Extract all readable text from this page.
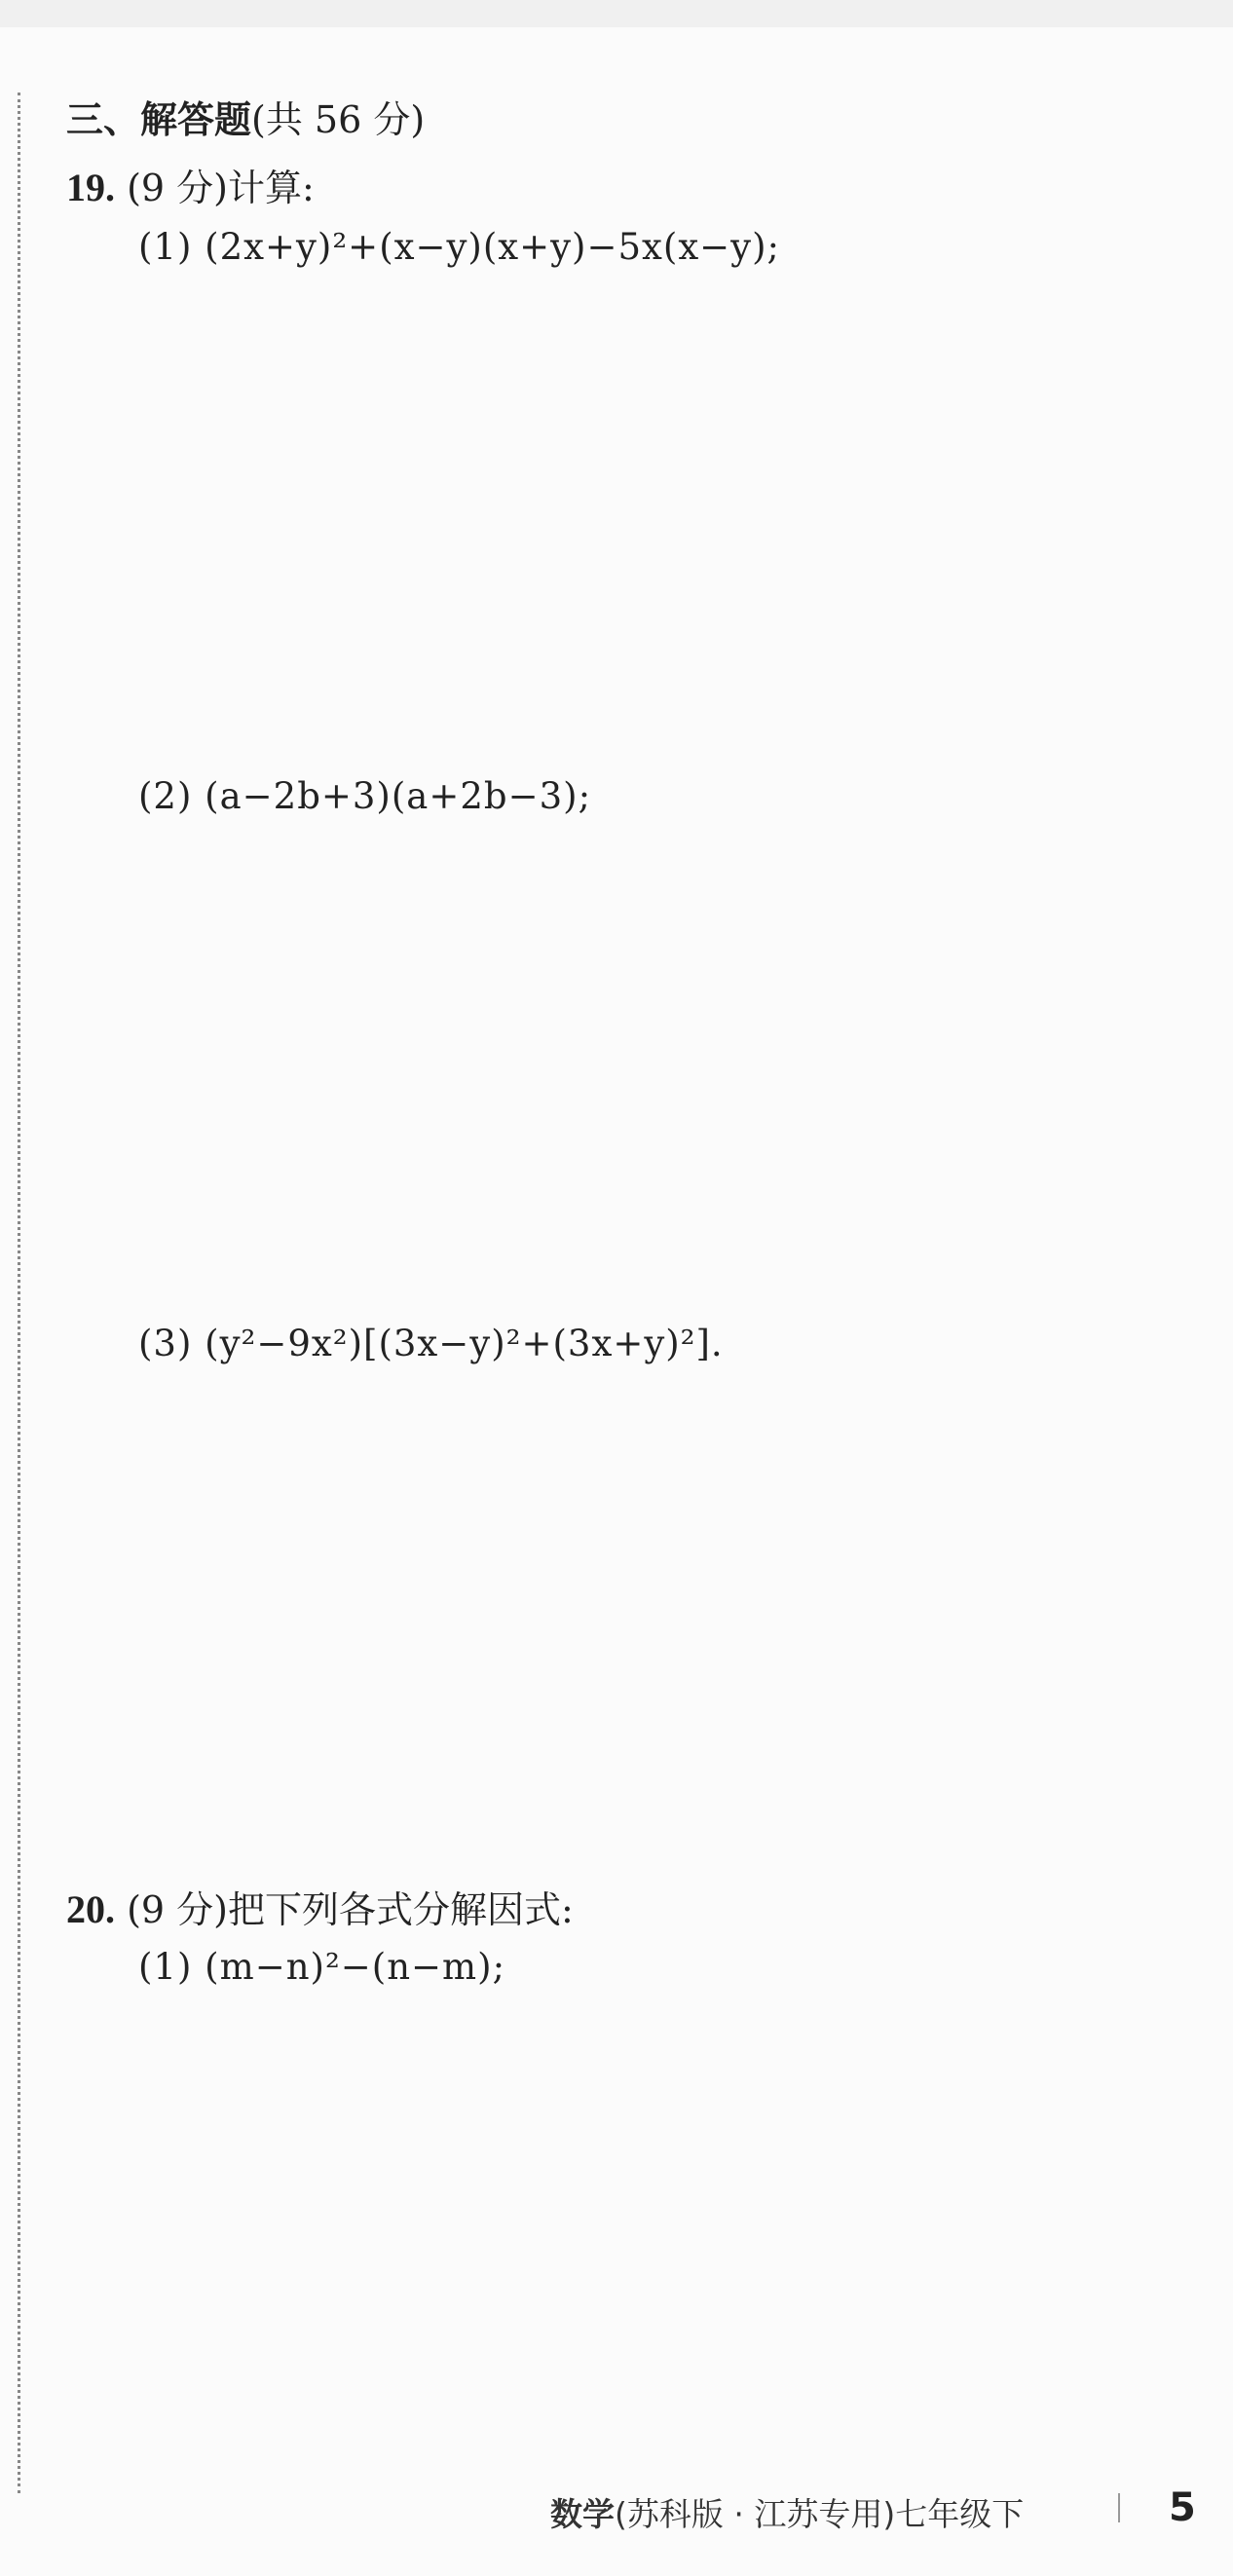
三、解答题(共 56 分)
19. (9 分)计算:
(1) (2x+y)²+(x−y)(x+y)−5x(x−y);
(2) (a−2b+3)(a+2b−3);
(3) (y²−9x²)[(3x−y)²+(3x+y)²].
20. (9 分)把下列各式分解因式:
(1) (m−n)²−(n−m);
数学(苏科版 · 江苏专用)七年级下	5
